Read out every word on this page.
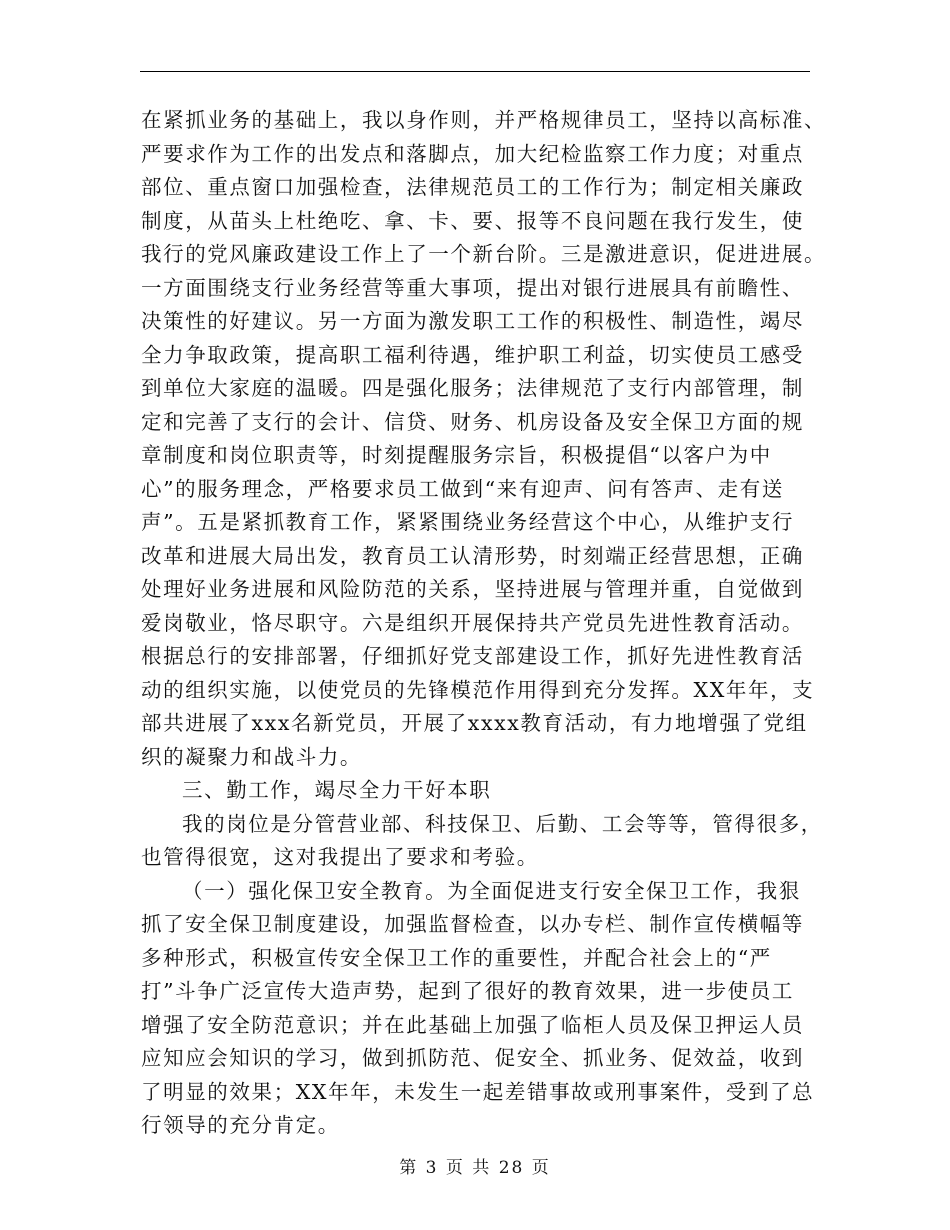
在紧抓业务的基础上，我以身作则，并严格规律员工，坚持以高标准、
严要求作为工作的出发点和落脚点，加大纪检监察工作力度；对重点
部位、重点窗口加强检查，法律规范员工的工作行为；制定相关廉政
制度，从苗头上杜绝吃、拿、卡、要、报等不良问题在我行发生，使
我行的党风廉政建设工作上了一个新台阶。三是激进意识，促进进展。
一方面围绕支行业务经营等重大事项，提出对银行进展具有前瞻性、
决策性的好建议。另一方面为激发职工工作的积极性、制造性，竭尽
全力争取政策，提高职工福利待遇，维护职工利益，切实使员工感受
到单位大家庭的温暖。四是强化服务；法律规范了支行内部管理，制
定和完善了支行的会计、信贷、财务、机房设备及安全保卫方面的规
章制度和岗位职责等，时刻提醒服务宗旨，积极提倡“以客户为中
心”的服务理念，严格要求员工做到“来有迎声、问有答声、走有送
声”。五是紧抓教育工作，紧紧围绕业务经营这个中心，从维护支行
改革和进展大局出发，教育员工认清形势，时刻端正经营思想，正确
处理好业务进展和风险防范的关系，坚持进展与管理并重，自觉做到
爱岗敬业，恪尽职守。六是组织开展保持共产党员先进性教育活动。
根据总行的安排部署，仔细抓好党支部建设工作，抓好先进性教育活
动的组织实施，以使党员的先锋模范作用得到充分发挥。XX年年，支
部共进展了xxx名新党员，开展了xxxx教育活动，有力地增强了党组
织的凝聚力和战斗力。
三、勤工作，竭尽全力干好本职
我的岗位是分管营业部、科技保卫、后勤、工会等等，管得很多，
也管得很宽，这对我提出了要求和考验。
（一）强化保卫安全教育。为全面促进支行安全保卫工作，我狠
抓了安全保卫制度建设，加强监督检查，以办专栏、制作宣传横幅等
多种形式，积极宣传安全保卫工作的重要性，并配合社会上的“严
打”斗争广泛宣传大造声势，起到了很好的教育效果，进一步使员工
增强了安全防范意识；并在此基础上加强了临柜人员及保卫押运人员
应知应会知识的学习，做到抓防范、促安全、抓业务、促效益，收到
了明显的效果；XX年年，未发生一起差错事故或刑事案件，受到了总
行领导的充分肯定。
第 3 页 共 28 页
